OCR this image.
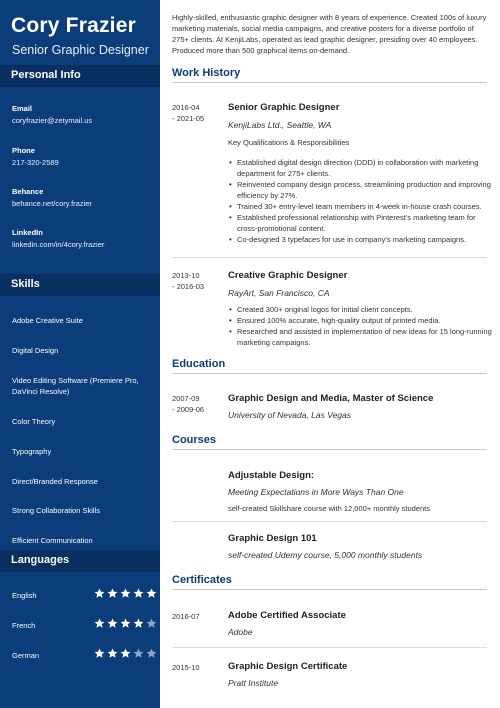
Cory Frazier
Senior Graphic Designer
Personal Info
Email
coryfrazier@zetymail.us
Phone
217-320-2589
Behance
behance.net/cory.frazier
LinkedIn
linkedin.com/in/4cory.frazier
Skills
Adobe Creative Suite
Digital Design
Video Editing Software (Premiere Pro, DaVinci Resolve)
Color Theory
Typography
Direct/Branded Response
Strong Collaboration Skills
Efficient Communication
Languages
English
French
German
Highly-skilled, enthusiastic graphic designer with 8 years of experience. Created 100s of luxury marketing materials, social media campaigns, and creative posters for a diverse portfolio of 275+ clients. At KenjiLabs, operated as lead graphic designer, presiding over 40 employees. Produced more than 500 graphical items on-demand.
Work History
2016-04
- 2021-05
Senior Graphic Designer
KenjiLabs Ltd., Seattle, WA
Key Qualifications & Responsibilities
• Established digital design direction (DDD) in collaboration with marketing department for 275+ clients.
• Reinvented company design process, streamlining production and improving efficiency by 27%.
• Trained 30+ entry-level team members in 4-week in-house crash courses.
• Established professional relationship with Pinterest's marketing team for cross-promotional content.
• Co-designed 3 typefaces for use in company's marketing campaigns.
2013-10
- 2016-03
Creative Graphic Designer
RayArt, San Francisco, CA
• Created 300+ original logos for initial client concepts.
• Ensured 100% accurate, high-quality output of printed media.
• Researched and assisted in implementation of new ideas for 15 long-running marketing campaigns.
Education
2007-09
- 2009-06
Graphic Design and Media, Master of Science
University of Nevada, Las Vegas
Courses
Adjustable Design:
Meeting Expectations in More Ways Than One
self-created Skillshare course with 12,000+ monthly students
Graphic Design 101
self-created Udemy course, 5,000 monthly students
Certificates
2016-07	Adobe Certified Associate
Adobe
2015-10	Graphic Design Certificate
Pratt Institute
